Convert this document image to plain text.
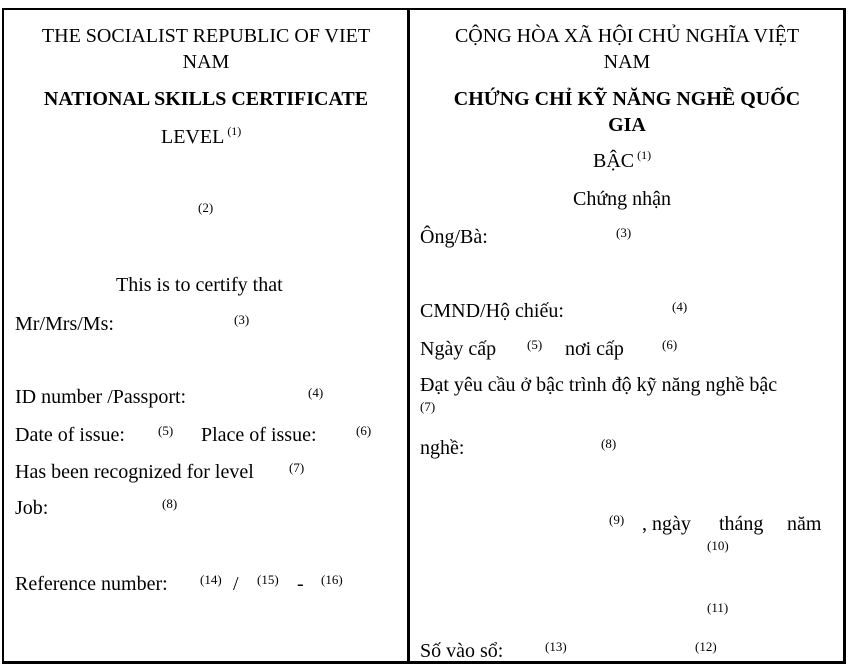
THE SOCIALIST REPUBLIC OF VIET
NAM
NATIONAL SKILLS CERTIFICATE
LEVEL $^{(1)}$
(2)
This is to certify that
Mr/Mrs/Ms:	(3)
ID number /Passport:	(4)
Date of issue:	(5) Place of issue:	(6)
Has been recognized for level	(7)
Job:	(8)
Reference number: (14) / (15) - (16)
CỘNG HÒA XÃ HỘI CHỦ NGHĨA VIỆT
NAM
CHỨNG CHỈ KỸ NĂNG NGHỀ QUỐC
GIA
BẬC $^{(1)}$
Chứng nhận
Ông/Bà:	(3)
CMND/Hộ chiếu:	(4)
Ngày cấp (5) nơi cấp	(6)
Đạt yêu cầu ở bậc trình độ kỹ năng nghề bậc
(7)
nghề:	(8)
(9) , ngày tháng năm
(10)
(11)
Số vào sổ:	(13)	(12)
